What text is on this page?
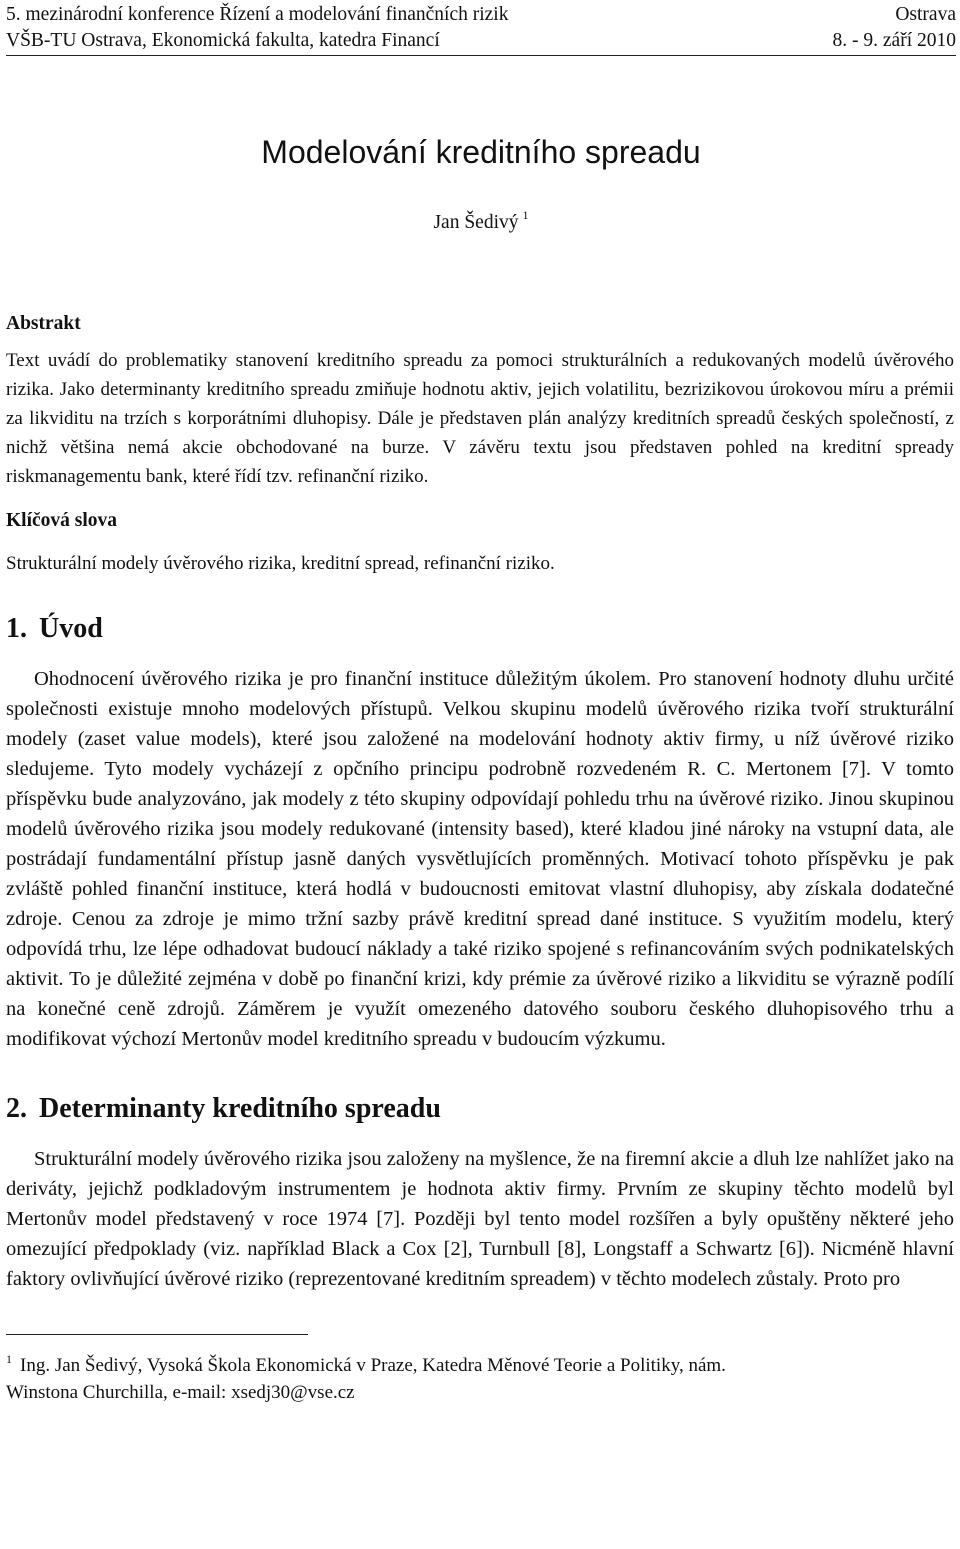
5. mezinárodní konference Řízení a modelování finančních rizik	Ostrava
VŠB-TU Ostrava, Ekonomická fakulta, katedra Financí	8. - 9. září 2010
Modelování kreditního spreadu
Jan Šedivý $^1$
Abstrakt
Text uvádí do problematiky stanovení kreditního spreadu za pomoci strukturálních a redukovaných modelů úvěrového rizika. Jako determinanty kreditního spreadu zmiňuje hodnotu aktiv, jejich volatilitu, bezrizikovou úrokovou míru a prémii za likviditu na trzích s korporátními dluhopisy. Dále je představen plán analýzy kreditních spreadů českých společností, z nichž většina nemá akcie obchodované na burze. V závěru textu jsou představen pohled na kreditní spready riskmanagementu bank, které řídí tzv. refinanční riziko.
Klíčová slova
Strukturální modely úvěrového rizika, kreditní spread, refinanční riziko.
1. Úvod
Ohodnocení úvěrového rizika je pro finanční instituce důležitým úkolem. Pro stanovení hodnoty dluhu určité společnosti existuje mnoho modelových přístupů. Velkou skupinu modelů úvěrového rizika tvoří strukturální modely (zaset value models), které jsou založené na modelování hodnoty aktiv firmy, u níž úvěrové riziko sledujeme. Tyto modely vycházejí z opčního principu podrobně rozvedeném R. C. Mertonem [7]. V tomto příspěvku bude analyzováno, jak modely z této skupiny odpovídají pohledu trhu na úvěrové riziko. Jinou skupinou modelů úvěrového rizika jsou modely redukované (intensity based), které kladou jiné nároky na vstupní data, ale postrádají fundamentální přístup jasně daných vysvětlujících proměnných. Motivací tohoto příspěvku je pak zvláště pohled finanční instituce, která hodlá v budoucnosti emitovat vlastní dluhopisy, aby získala dodatečné zdroje. Cenou za zdroje je mimo tržní sazby právě kreditní spread dané instituce. S využitím modelu, který odpovídá trhu, lze lépe odhadovat budoucí náklady a také riziko spojené s refinancováním svých podnikatelských aktivit. To je důležité zejména v době po finanční krizi, kdy prémie za úvěrové riziko a likviditu se výrazně podílí na konečné ceně zdrojů. Záměrem je využít omezeného datového souboru českého dluhopisového trhu a modifikovat výchozí Mertonův model kreditního spreadu v budoucím výzkumu.
2. Determinanty kreditního spreadu
Strukturální modely úvěrového rizika jsou založeny na myšlence, že na firemní akcie a dluh lze nahlížet jako na deriváty, jejichž podkladovým instrumentem je hodnota aktiv firmy. Prvním ze skupiny těchto modelů byl Mertonův model představený v roce 1974 [7]. Později byl tento model rozšířen a byly opuštěny některé jeho omezující předpoklady (viz. například Black a Cox [2], Turnbull [8], Longstaff a Schwartz [6]). Nicméně hlavní faktory ovlivňující úvěrové riziko (reprezentované kreditním spreadem) v těchto modelech zůstaly. Proto pro
$^1$ Ing. Jan Šedivý, Vysoká Škola Ekonomická v Praze, Katedra Měnové Teorie a Politiky, nám.
Winstona Churchilla, e-mail: xsedj30@vse.cz
